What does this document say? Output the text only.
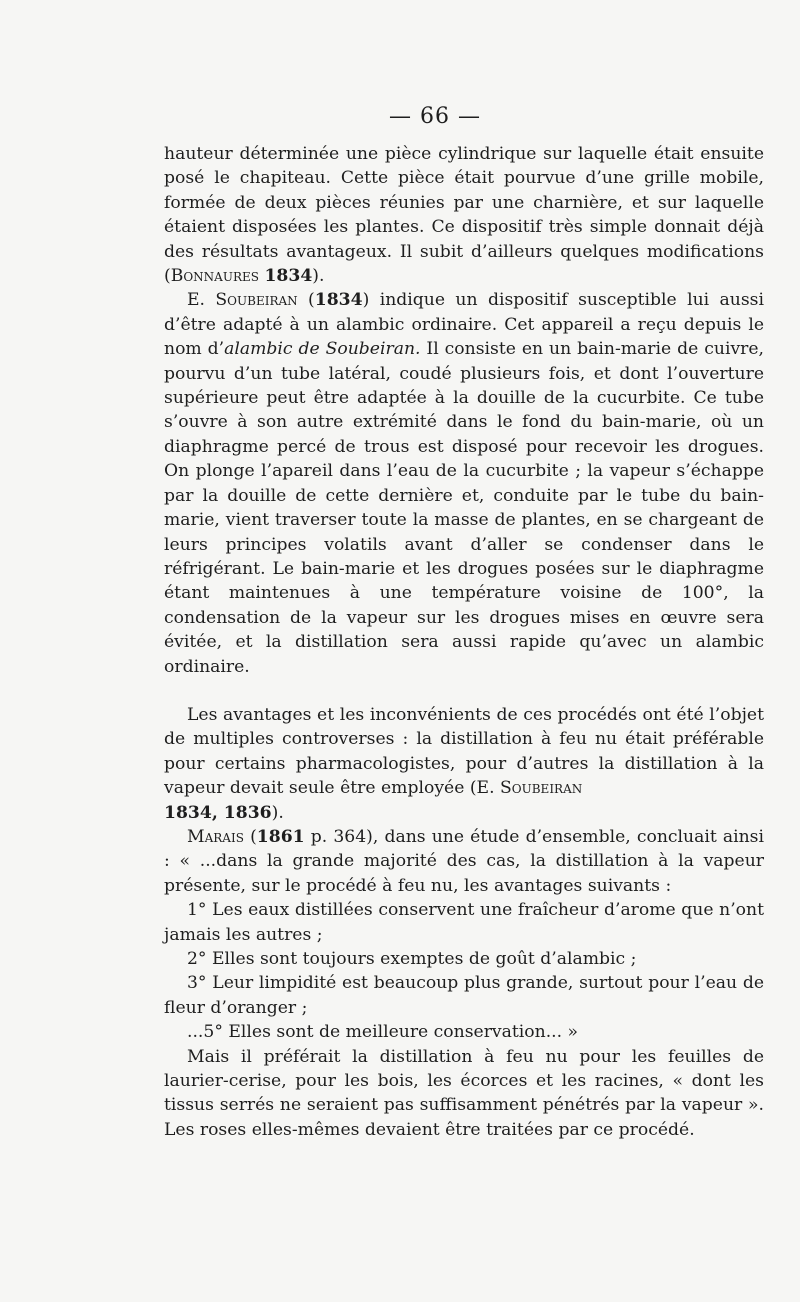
— 66 —

hauteur déterminée une pièce cylindrique sur laquelle était ensuite posé le chapiteau. Cette pièce était pourvue d’une grille mobile, formée de deux pièces réunies par une charnière, et sur laquelle étaient disposées les plantes. Ce dispositif très simple donnait déjà des résultats avantageux. Il subit d’ailleurs quelques modifications (Bonnaures 1834).

E. Soubeiran (1834) indique un dispositif susceptible lui aussi d’être adapté à un alambic ordinaire. Cet appareil a reçu depuis le nom d’alambic de Soubeiran. Il consiste en un bain-marie de cuivre, pourvu d’un tube latéral, coudé plusieurs fois, et dont l’ouverture supérieure peut être adaptée à la douille de la cucurbite. Ce tube s’ouvre à son autre extrémité dans le fond du bain-marie, où un diaphragme percé de trous est disposé pour recevoir les drogues. On plonge l’apareil dans l’eau de la cucurbite ; la vapeur s’échappe par la douille de cette dernière et, conduite par le tube du bain-marie, vient traverser toute la masse de plantes, en se chargeant de leurs principes volatils avant d’aller se condenser dans le réfrigérant. Le bain-marie et les drogues posées sur le diaphragme étant maintenues à une température voisine de 100°, la condensation de la vapeur sur les drogues mises en œuvre sera évitée, et la distillation sera aussi rapide qu’avec un alambic ordinaire.

Les avantages et les inconvénients de ces procédés ont été l’objet de multiples controverses : la distillation à feu nu était préférable pour certains pharmacologistes, pour d’autres la distillation à la vapeur devait seule être employée (E. Soubeiran
1834, 1836).

Marais (1861 p. 364), dans une étude d’ensemble, concluait ainsi : « ...dans la grande majorité des cas, la distillation à la vapeur présente, sur le procédé à feu nu, les avantages suivants :

1° Les eaux distillées conservent une fraîcheur d’arome que n’ont jamais les autres ;

2° Elles sont toujours exemptes de goût d’alambic ;

3° Leur limpidité est beaucoup plus grande, surtout pour l’eau de fleur d’oranger ;

...5° Elles sont de meilleure conservation... »

Mais il préférait la distillation à feu nu pour les feuilles de laurier-cerise, pour les bois, les écorces et les racines, « dont les tissus serrés ne seraient pas suffisamment pénétrés par la vapeur ». Les roses elles-mêmes devaient être traitées par ce procédé.
